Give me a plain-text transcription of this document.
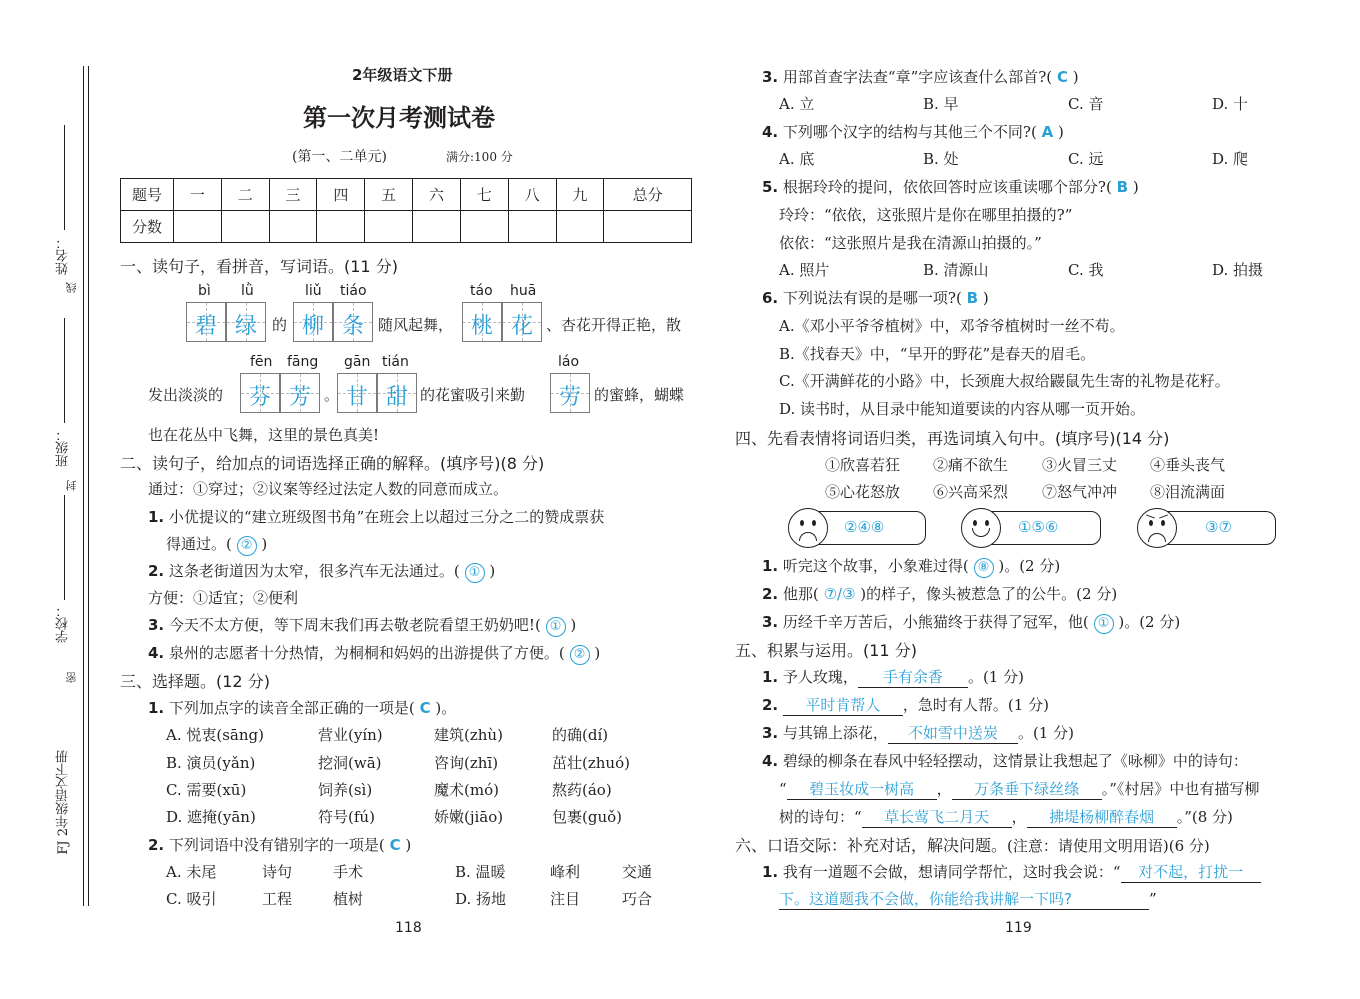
姓名：
线
班级：
封
学校：
密
FJ 2年级语文下册
2年级语文下册
第一次月考测试卷
(第一、二单元)	满分:100 分
题号	一	二	三	四	五	六	七	八	九	总分
分数										
一、读句子，看拼音，写词语。(11 分)
bì lǜ
碧 绿	的
liǔ tiáo
柳 条 随风起舞，
táo huā
桃 花 、杏花开得正艳，散
发出淡淡的
fēn fāng
芬 芳 。
gān tián
甘 甜 的花蜜吸引来勤
láo
劳 的蜜蜂，蝴蝶
也在花丛中飞舞，这里的景色真美!
二、读句子，给加点的词语选择正确的解释。(填序号)(8 分)
通过：①穿过；②议案等经过法定人数的同意而成立。
1. 小优提议的“建立班级图书角”在班会上以超过三分之二的赞成票获
得通过。( ② )
2. 这条老街道因为太窄，很多汽车无法通过。( ① )
方便：①适宜；②便利
3. 今天不太方便，等下周末我们再去敬老院看望王奶奶吧!( ① )
4. 泉州的志愿者十分热情，为桐桐和妈妈的出游提供了方便。( ② )
三、选择题。(12 分)
1. 下列加点字的读音全部正确的一项是( C )。
A. 悦衷(sāng)	营业(yín)	建筑(zhù)	的确(dí)
B. 演员(yǎn)	挖洞(wā)	咨询(zhī)	茁壮(zhuó)
C. 需要(xū)	饲养(sì)	魔术(mó)	熬药(áo)
D. 遮掩(yān)	符号(fú)	娇嫩(jiāo)	包裹(guǒ)
2. 下列词语中没有错别字的一项是( C )
A. 未尾	诗句	手术	B. 温暖	峰利	交通
C. 吸引	工程	植树	D. 扬地	注目	巧合
118
3. 用部首查字法查“章”字应该查什么部首?( C )
A. 立	B. 早	C. 音	D. 十
4. 下列哪个汉字的结构与其他三个不同?( A )
A. 底	B. 处	C. 远	D. 爬
5. 根据玲玲的提问，依依回答时应该重读哪个部分?( B )
玲玲：“依依，这张照片是你在哪里拍摄的?”
依依：“这张照片是我在清源山拍摄的。”
A. 照片	B. 清源山	C. 我	D. 拍摄
6. 下列说法有误的是哪一项?( B )
A.《邓小平爷爷植树》中，邓爷爷植树时一丝不苟。
B.《找春天》中，“早开的野花”是春天的眉毛。
C.《开满鲜花的小路》中，长颈鹿大叔给鼹鼠先生寄的礼物是花籽。
D. 读书时，从目录中能知道要读的内容从哪一页开始。
四、先看表情将词语归类，再选词填入句中。(填序号)(14 分)
①欣喜若狂 ②痛不欲生 ③火冒三丈 ④垂头丧气
⑤心花怒放 ⑥兴高采烈 ⑦怒气冲冲 ⑧泪流满面
②④⑧	①⑤⑥	③⑦
1. 听完这个故事，小象难过得( ⑧ )。(2 分)
2. 他那( ⑦/③ )的样子，像头被惹急了的公牛。(2 分)
3. 历经千辛万苦后，小熊猫终于获得了冠军，他( ① )。(2 分)
五、积累与运用。(11 分)
1. 予人玫瑰， 手有余香 。(1 分)
2. 平时肯帮人 ，急时有人帮。(1 分)
3. 与其锦上添花， 不如雪中送炭 。(1 分)
4. 碧绿的柳条在春风中轻轻摆动，这情景让我想起了《咏柳》中的诗句：
“ 碧玉妆成一树高 ， 万条垂下绿丝绦 。”《村居》中也有描写柳
树的诗句：“ 草长莺飞二月天 ， 拂堤杨柳醉春烟 。”(8 分)
六、口语交际：补充对话，解决问题。(注意：请使用文明用语)(6 分)
1. 我有一道题不会做，想请同学帮忙，这时我会说：“ 对不起，打扰一
下。这道题我不会做，你能给我讲解一下吗?	”
119
